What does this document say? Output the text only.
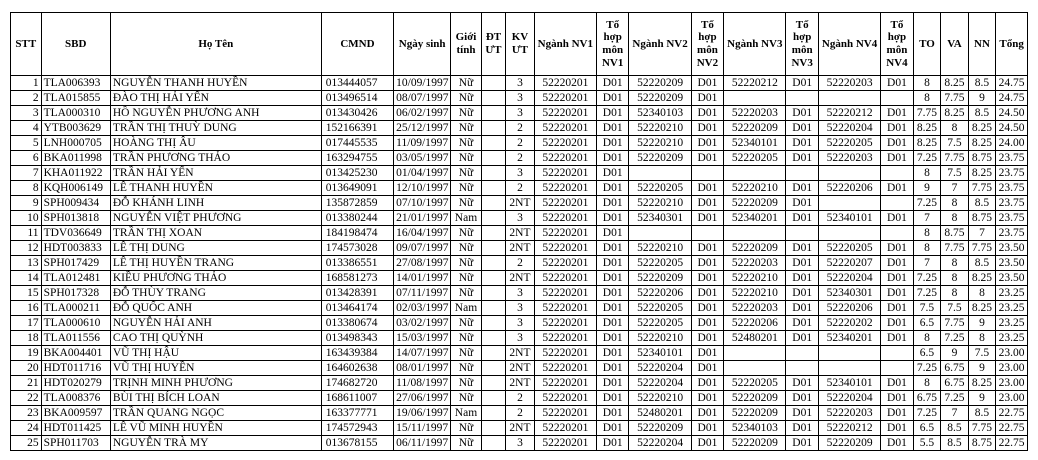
STT	SBD	Họ Tên	CMND	Ngày sinh	Giới tính	ĐT ƯT	KV ƯT	Ngành NV1	Tổ hợp môn NV1	Ngành NV2	Tổ hợp môn NV2	Ngành NV3	Tổ hợp môn NV3	Ngành NV4	Tổ hợp môn NV4	TO	VA	NN	Tổng
1	TLA006393	NGUYỄN THANH HUYỀN	013444057	10/09/1997	Nữ		3	52220201	D01	52220209	D01	52220212	D01	52220203	D01	8	8.25	8.5	24.75
2	TLA015855	ĐÀO THỊ HẢI YẾN	013496514	08/07/1997	Nữ		3	52220201	D01	52220209	D01					8	7.75	9	24.75
3	TLA000310	HỒ NGUYỄN PHƯƠNG ANH	013430426	06/02/1997	Nữ		3	52220201	D01	52340103	D01	52220203	D01	52220212	D01	7.75	8.25	8.5	24.50
4	YTB003629	TRẦN THỊ THUỲ DUNG	152166391	25/12/1997	Nữ		2	52220201	D01	52220210	D01	52220209	D01	52220204	D01	8.25	8	8.25	24.50
5	LNH000705	HOÀNG THỊ ÂU	017445535	11/09/1997	Nữ		2	52220201	D01	52220210	D01	52340101	D01	52220205	D01	8.25	7.5	8.25	24.00
6	BKA011998	TRẦN PHƯƠNG THẢO	163294755	03/05/1997	Nữ		2	52220201	D01	52220209	D01	52220205	D01	52220203	D01	7.25	7.75	8.75	23.75
7	KHA011922	TRẦN HẢI YẾN	013425230	01/04/1997	Nữ		3	52220201	D01							8	7.5	8.25	23.75
8	KQH006149	LÊ THANH HUYỀN	013649091	12/10/1997	Nữ		2	52220201	D01	52220205	D01	52220210	D01	52220206	D01	9	7	7.75	23.75
9	SPH009434	ĐỖ KHÁNH LINH	135872859	07/10/1997	Nữ		2NT	52220201	D01	52220210	D01	52220209	D01			7.25	8	8.5	23.75
10	SPH013818	NGUYỄN VIỆT PHƯƠNG	013380244	21/01/1997	Nam		3	52220201	D01	52340301	D01	52340201	D01	52340101	D01	7	8	8.75	23.75
11	TDV036649	TRẦN THỊ XOAN	184198474	16/04/1997	Nữ		2NT	52220201	D01							8	8.75	7	23.75
12	HDT003833	LÊ THỊ DUNG	174573028	09/07/1997	Nữ		2NT	52220201	D01	52220210	D01	52220209	D01	52220205	D01	8	7.75	7.75	23.50
13	SPH017429	LÊ THỊ HUYỀN TRANG	013386551	27/08/1997	Nữ		2	52220201	D01	52220205	D01	52220203	D01	52220207	D01	7	8	8.5	23.50
14	TLA012481	KIỀU PHƯƠNG THẢO	168581273	14/01/1997	Nữ		2NT	52220201	D01	52220209	D01	52220210	D01	52220204	D01	7.25	8	8.25	23.50
15	SPH017328	ĐỖ THÙY TRANG	013428391	07/11/1997	Nữ		3	52220201	D01	52220206	D01	52220210	D01	52340301	D01	7.25	8	8	23.25
16	TLA000211	ĐỖ QUỐC ANH	013464174	02/03/1997	Nam		3	52220201	D01	52220205	D01	52220203	D01	52220206	D01	7.5	7.5	8.25	23.25
17	TLA000610	NGUYỄN HẢI ANH	013380674	03/02/1997	Nữ		3	52220201	D01	52220205	D01	52220206	D01	52220202	D01	6.5	7.75	9	23.25
18	TLA011556	CAO THỊ QUỲNH	013498343	15/03/1997	Nữ		3	52220201	D01	52220210	D01	52480201	D01	52340201	D01	8	7.25	8	23.25
19	BKA004401	VŨ THỊ HẬU	163439384	14/07/1997	Nữ		2NT	52220201	D01	52340101	D01					6.5	9	7.5	23.00
20	HDT011716	VŨ THỊ HUYỀN	164602638	08/01/1997	Nữ		2NT	52220201	D01	52220204	D01					7.25	6.75	9	23.00
21	HDT020279	TRỊNH MINH PHƯƠNG	174682720	11/08/1997	Nữ		2NT	52220201	D01	52220204	D01	52220205	D01	52340101	D01	8	6.75	8.25	23.00
22	TLA008376	BÙI THỊ BÍCH LOAN	168611007	27/06/1997	Nữ		2	52220201	D01	52220210	D01	52220209	D01	52220204	D01	6.75	7.25	9	23.00
23	BKA009597	TRẦN QUANG NGỌC	163377771	19/06/1997	Nam		2	52220201	D01	52480201	D01	52220209	D01	52220203	D01	7.25	7	8.5	22.75
24	HDT011425	LÊ VŨ MINH HUYỀN	174572943	15/11/1997	Nữ		2NT	52220201	D01	52220209	D01	52340103	D01	52220212	D01	6.5	8.5	7.75	22.75
25	SPH011703	NGUYỄN TRÀ MY	013678155	06/11/1997	Nữ		3	52220201	D01	52220204	D01	52220209	D01	52220209	D01	5.5	8.5	8.75	22.75
